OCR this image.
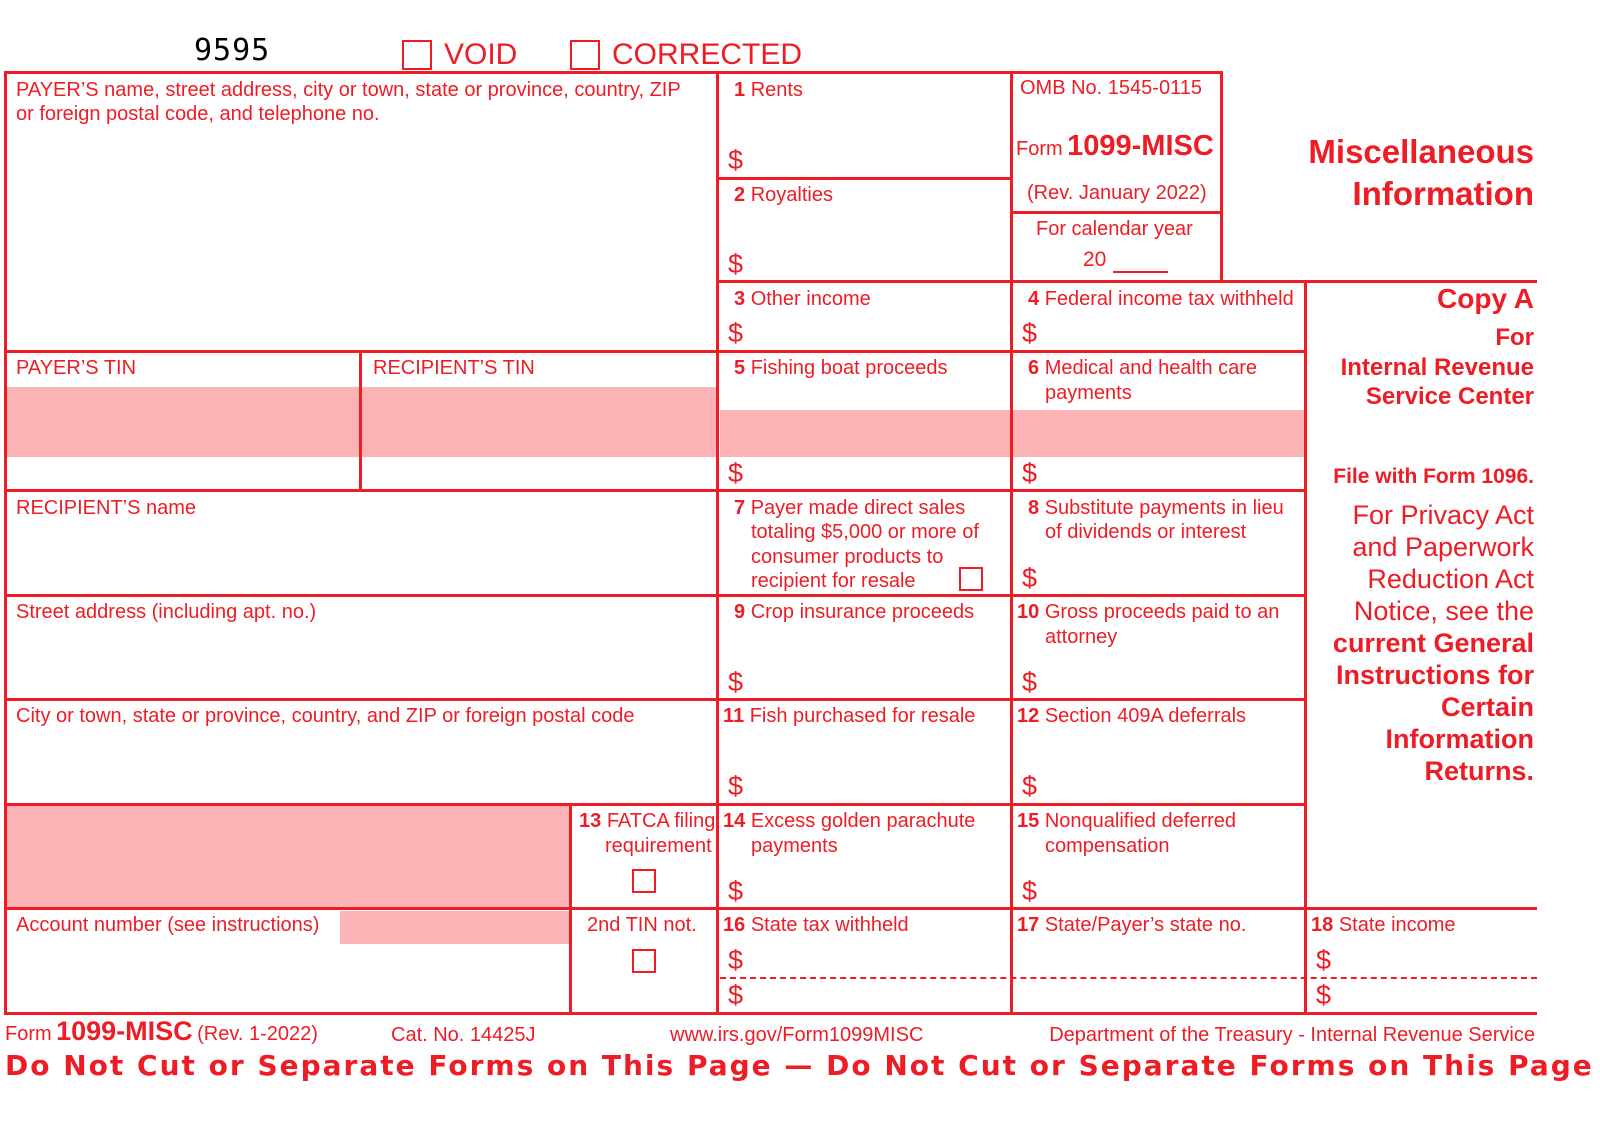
9595	VOID	CORRECTED
PAYER’S name, street address, city or town, state or province, country, ZIP
or foreign postal code, and telephone no.
PAYER’S TIN	RECIPIENT’S TIN
RECIPIENT’S name
Street address (including apt. no.)
City or town, state or province, country, and ZIP or foreign postal code
13 FATCA filing
requirement
Account number (see instructions)	2nd TIN not.
1 Rents
$
2 Royalties
$
3 Other income
$
5 Fishing boat proceeds
$
7 Payer made direct sales
totaling $5,000 or more of
consumer products to
recipient for resale
9 Crop insurance proceeds
$
11 Fish purchased for resale
$
14 Excess golden parachute
payments
$
16 State tax withheld
$
$
OMB No. 1545-0115
Form 1099-MISC
(Rev. January 2022)
For calendar year
20
4 Federal income tax withheld
$
6 Medical and health care
payments
$
8 Substitute payments in lieu
of dividends or interest
$
10 Gross proceeds paid to an
attorney
$
12 Section 409A deferrals
$
15 Nonqualified deferred
compensation
$
17 State/Payer’s state no.	18 State income
$
$
Miscellaneous
Information
Copy A
For
Internal Revenue
Service Center
File with Form 1096.
For Privacy Act
and Paperwork
Reduction Act
Notice, see the
current General
Instructions for
Certain
Information
Returns.
Form 1099-MISC (Rev. 1-2022)	Cat. No. 14425J	www.irs.gov/Form1099MISC	Department of the Treasury - Internal Revenue Service
Do Not Cut or Separate Forms on This Page — Do Not Cut or Separate Forms on This Page
